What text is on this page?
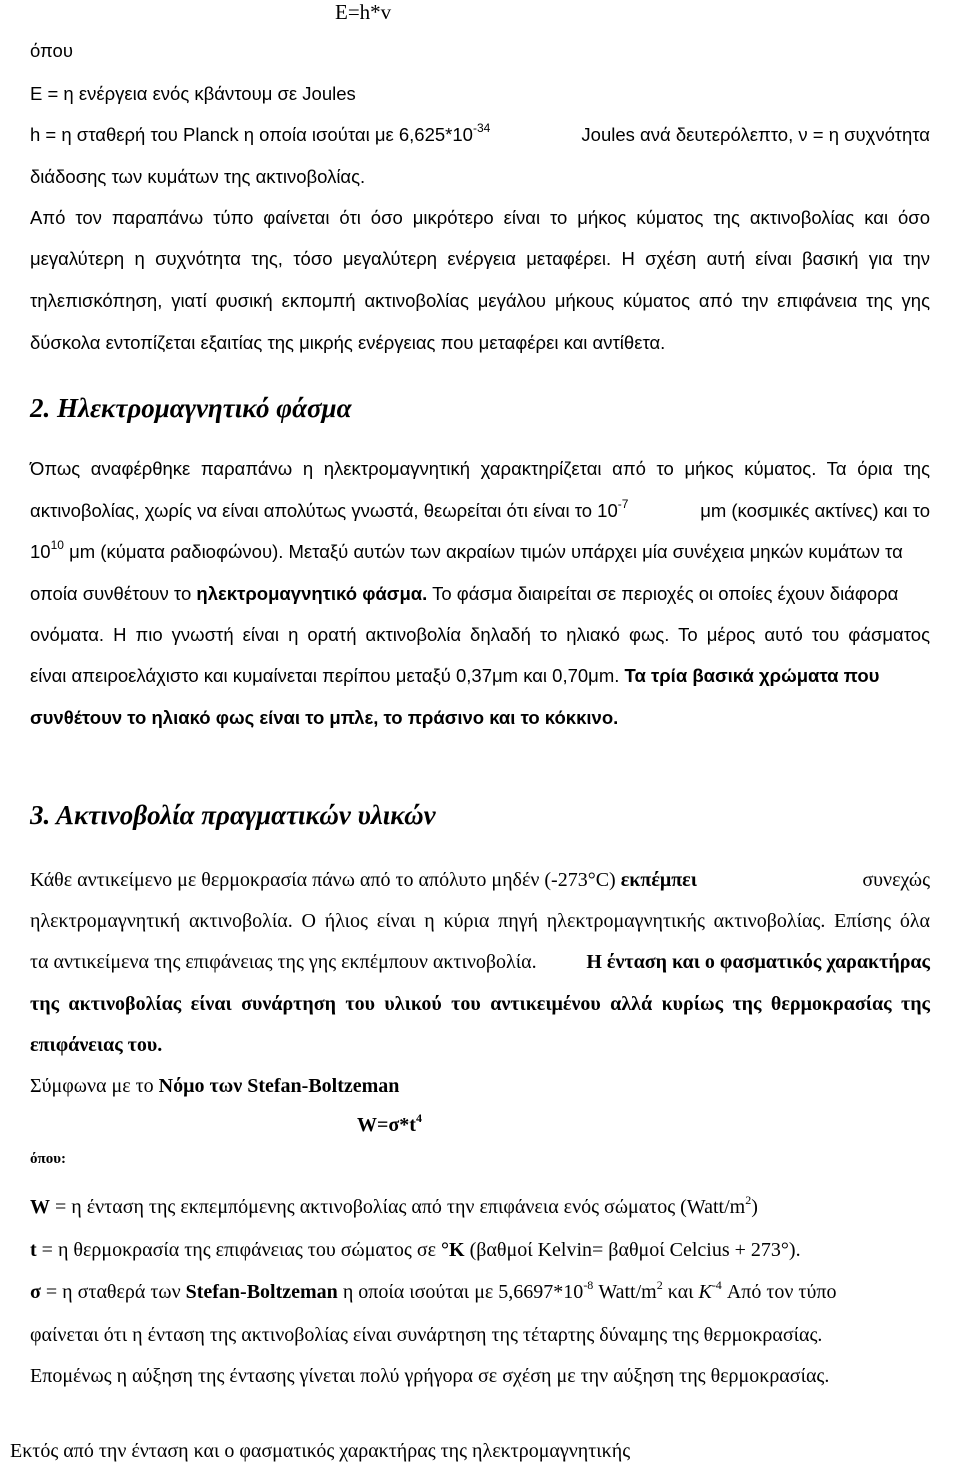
E=h*v
όπου
E = η ενέργεια ενός κβάντουμ σε Joules
h = η σταθερή του Planck η οποία ισούται με $6,625*10^{-34}$	Joules ανά δευτερόλεπτο, ν = η συχνότητα
διάδοσης των κυμάτων της ακτινοβολίας.
Από τον παραπάνω τύπο φαίνεται ότι όσο μικρότερο είναι το μήκος κύματος της ακτινοβολίας και όσο
μεγαλύτερη η συχνότητα της, τόσο μεγαλύτερη ενέργεια μεταφέρει. Η σχέση αυτή είναι βασική για την
τηλεπισκόπηση, γιατί φυσική εκπομπή ακτινοβολίας μεγάλου μήκους κύματος από την επιφάνεια της γης
δύσκολα εντοπίζεται εξαιτίας της μικρής ενέργειας που μεταφέρει και αντίθετα.
2. Ηλεκτρομαγνητικό φάσμα
Όπως αναφέρθηκε παραπάνω η ηλεκτρομαγνητική χαρακτηρίζεται από το μήκος κύματος. Τα όρια της
ακτινοβολίας, χωρίς να είναι απολύτως γνωστά, θεωρείται ότι είναι το $10^{-7}$	μm (κοσμικές ακτίνες) και το
$10^{10}$ μm (κύματα ραδιοφώνου). Μεταξύ αυτών των ακραίων τιμών υπάρχει μία συνέχεια μηκών κυμάτων τα
οποία συνθέτουν το ηλεκτρομαγνητικό φάσμα. Το φάσμα διαιρείται σε περιοχές οι οποίες έχουν διάφορα
ονόματα. Η πιο γνωστή είναι η ορατή ακτινοβολία δηλαδή το ηλιακό φως. Το μέρος αυτό του φάσματος
είναι απειροελάχιστο και κυμαίνεται περίπου μεταξύ 0,37μm και 0,70μm. Τα τρία βασικά χρώματα που
συνθέτουν το ηλιακό φως είναι το μπλε, το πράσινο και το κόκκινο.
3. Ακτινοβολία πραγματικών υλικών
Κάθε αντικείμενο με θερμοκρασία πάνω από το απόλυτο μηδέν (-273°C) εκπέμπει	συνεχώς
ηλεκτρομαγνητική ακτινοβολία. Ο ήλιος είναι η κύρια πηγή ηλεκτρομαγνητικής ακτινοβολίας. Επίσης όλα
τα αντικείμενα της επιφάνειας της γης εκπέμπουν ακτινοβολία. Η ένταση και ο φασματικός χαρακτήρας
της ακτινοβολίας είναι συνάρτηση του υλικού του αντικειμένου αλλά κυρίως της θερμοκρασίας της
επιφάνειας του.
Σύμφωνα με το Νόμο των Stefan-Boltzeman
$W=\sigma*t^4$
όπου:
W = η ένταση της εκπεμπόμενης ακτινοβολίας από την επιφάνεια ενός σώματος $(Watt/m^2)$
t = η θερμοκρασία της επιφάνειας του σώματος σε °K (βαθμοί Kelvin= βαθμοί Celcius + 273°).
σ = η σταθερά των Stefan-Boltzeman η οποία ισούται με $5,6697*10^{-8}$ Watt/$m^2$ και $K^{-4}$ Από τον τύπο
φαίνεται ότι η ένταση της ακτινοβολίας είναι συνάρτηση της τέταρτης δύναμης της θερμοκρασίας.
Επομένως η αύξηση της έντασης γίνεται πολύ γρήγορα σε σχέση με την αύξηση της θερμοκρασίας.
Εκτός από την ένταση και ο φασματικός χαρακτήρας της ηλεκτρομαγνητικής
